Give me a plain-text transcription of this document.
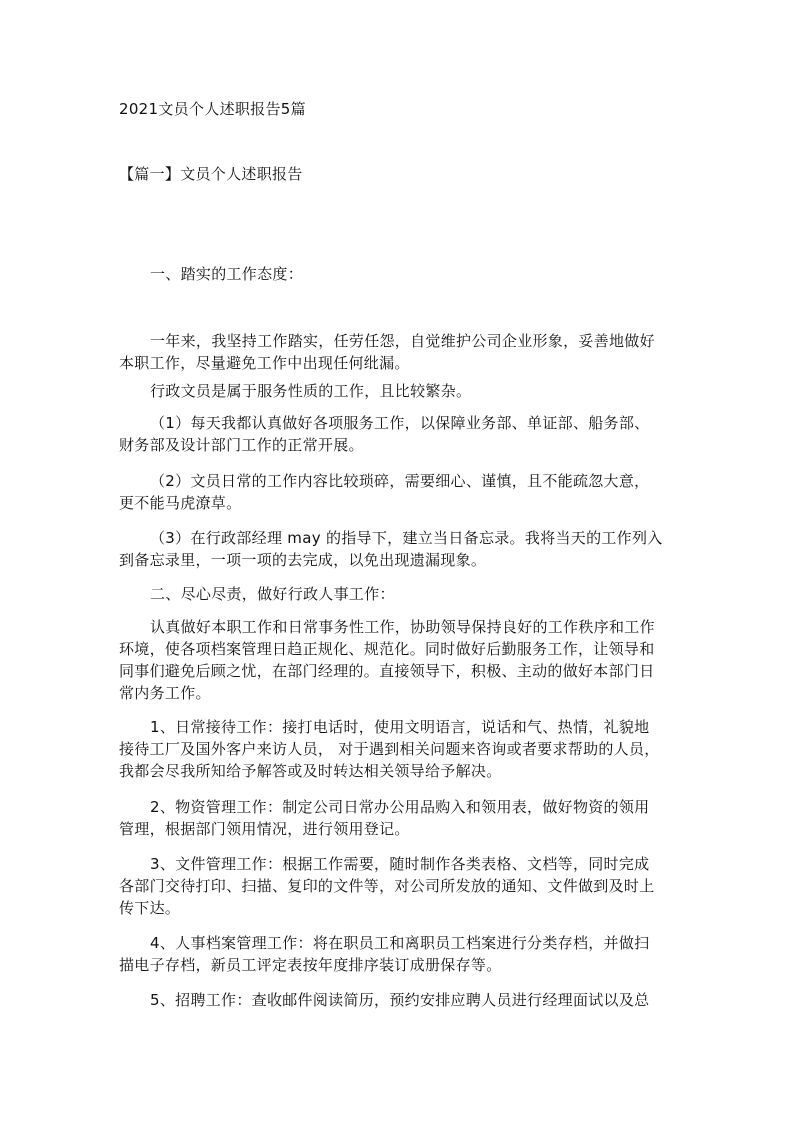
2021文员个人述职报告5篇
【篇一】文员个人述职报告
一、踏实的工作态度：
一年来，我坚持工作踏实，任劳任怨，自觉维护公司企业形象，妥善地做好
本职工作，尽量避免工作中出现任何纰漏。
行政文员是属于服务性质的工作，且比较繁杂。
（1）每天我都认真做好各项服务工作，以保障业务部、单证部、船务部、
财务部及设计部门工作的正常开展。
（2）文员日常的工作内容比较琐碎，需要细心、谨慎，且不能疏忽大意，
更不能马虎潦草。
（3）在行政部经理 may 的指导下，建立当日备忘录。我将当天的工作列入
到备忘录里，一项一项的去完成，以免出现遗漏现象。
二、尽心尽责，做好行政人事工作：
认真做好本职工作和日常事务性工作，协助领导保持良好的工作秩序和工作
环境，使各项档案管理日趋正规化、规范化。同时做好后勤服务工作，让领导和
同事们避免后顾之忧，在部门经理的。直接领导下，积极、主动的做好本部门日
常内务工作。
1、日常接待工作：接打电话时，使用文明语言，说话和气、热情，礼貌地
接待工厂及国外客户来访人员， 对于遇到相关问题来咨询或者要求帮助的人员，
我都会尽我所知给予解答或及时转达相关领导给予解决。
2、物资管理工作：制定公司日常办公用品购入和领用表，做好物资的领用
管理，根据部门领用情况，进行领用登记。
3、文件管理工作：根据工作需要，随时制作各类表格、文档等，同时完成
各部门交待打印、扫描、复印的文件等，对公司所发放的通知、文件做到及时上
传下达。
4、人事档案管理工作：将在职员工和离职员工档案进行分类存档，并做扫
描电子存档，新员工评定表按年度排序装订成册保存等。
5、招聘工作：查收邮件阅读简历，预约安排应聘人员进行经理面试以及总
